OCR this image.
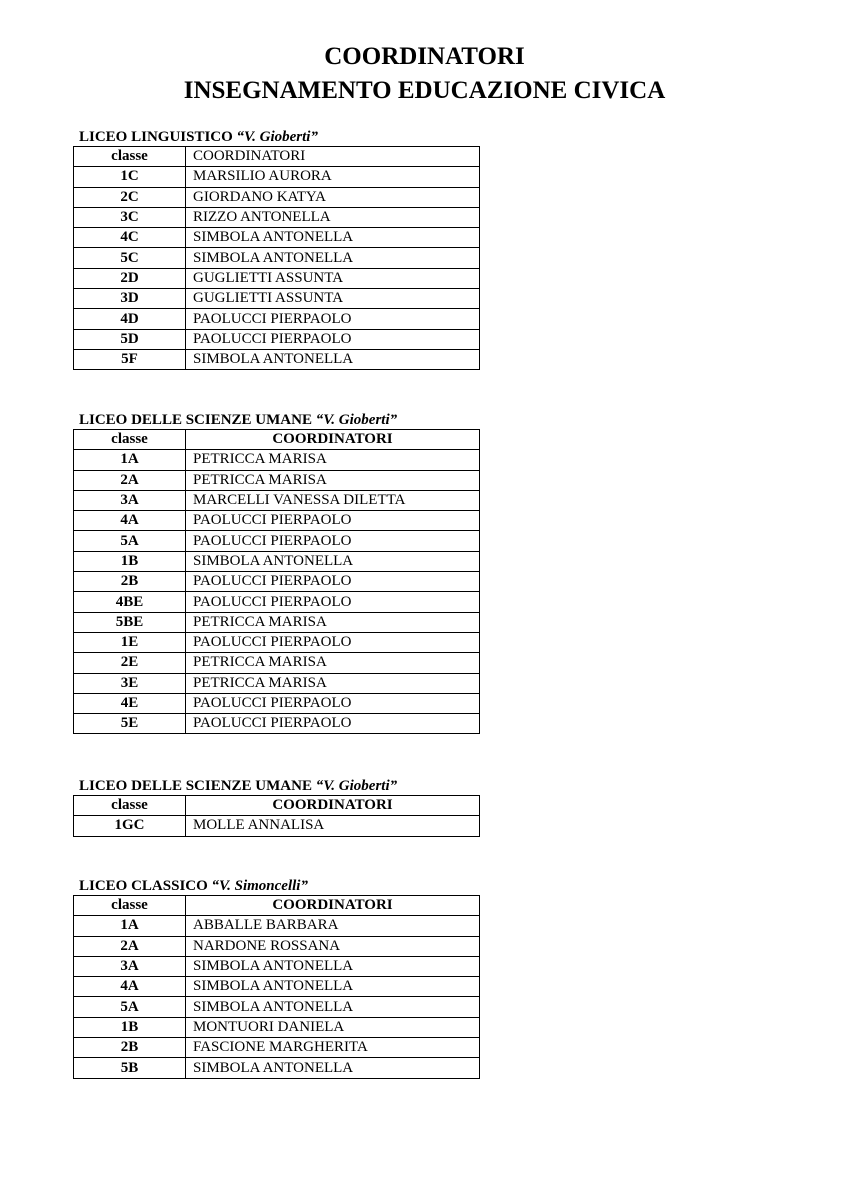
COORDINATORI
INSEGNAMENTO EDUCAZIONE CIVICA
LICEO LINGUISTICO “V. Gioberti”
classe	COORDINATORI
1C	MARSILIO AURORA
2C	GIORDANO KATYA
3C	RIZZO ANTONELLA
4C	SIMBOLA ANTONELLA
5C	SIMBOLA ANTONELLA
2D	GUGLIETTI ASSUNTA
3D	GUGLIETTI ASSUNTA
4D	PAOLUCCI PIERPAOLO
5D	PAOLUCCI PIERPAOLO
5F	SIMBOLA ANTONELLA
LICEO DELLE SCIENZE UMANE “V. Gioberti”
classe	COORDINATORI
1A	PETRICCA MARISA
2A	PETRICCA MARISA
3A	MARCELLI VANESSA DILETTA
4A	PAOLUCCI PIERPAOLO
5A	PAOLUCCI PIERPAOLO
1B	SIMBOLA ANTONELLA
2B	PAOLUCCI PIERPAOLO
4BE	PAOLUCCI PIERPAOLO
5BE	PETRICCA MARISA
1E	PAOLUCCI PIERPAOLO
2E	PETRICCA MARISA
3E	PETRICCA MARISA
4E	PAOLUCCI PIERPAOLO
5E	PAOLUCCI PIERPAOLO
LICEO DELLE SCIENZE UMANE “V. Gioberti”
classe	COORDINATORI
1GC	MOLLE ANNALISA
LICEO CLASSICO “V. Simoncelli”
classe	COORDINATORI
1A	ABBALLE BARBARA
2A	NARDONE ROSSANA
3A	SIMBOLA ANTONELLA
4A	SIMBOLA ANTONELLA
5A	SIMBOLA ANTONELLA
1B	MONTUORI DANIELA
2B	FASCIONE MARGHERITA
5B	SIMBOLA ANTONELLA
